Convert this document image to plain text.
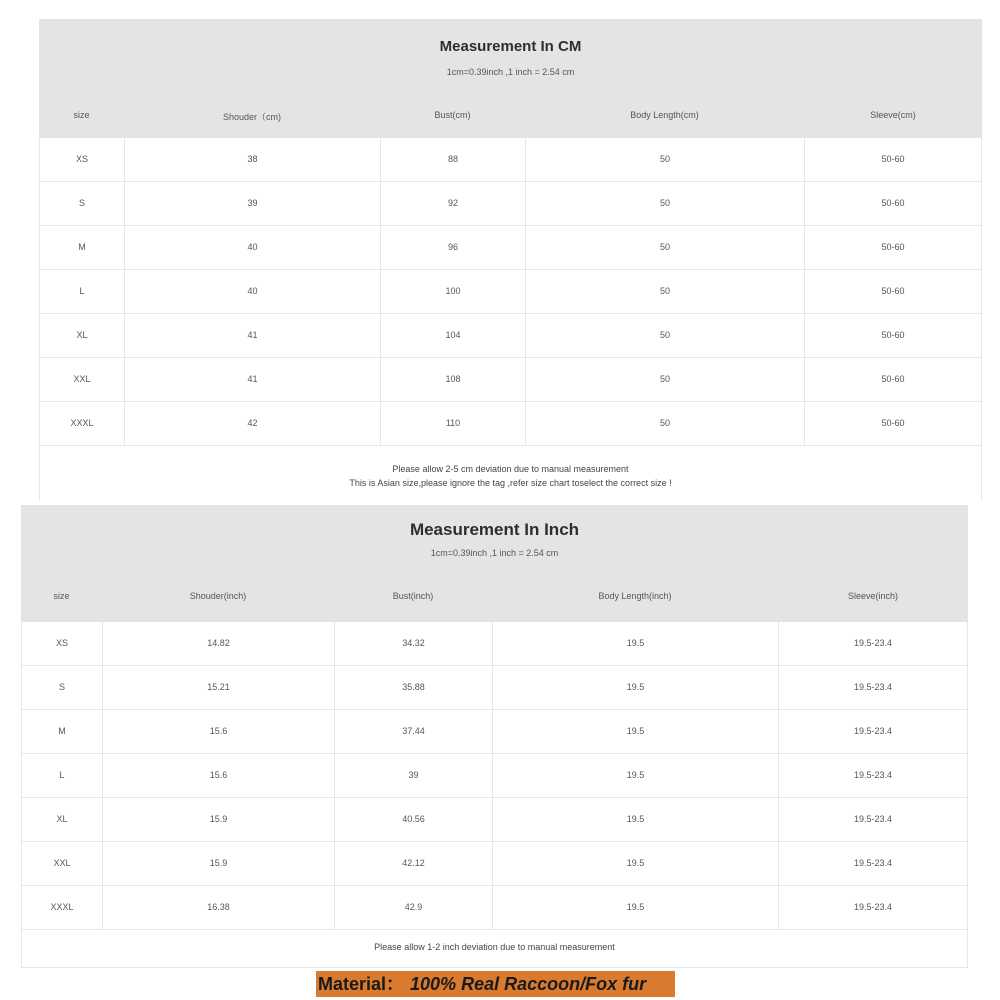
Measurement In CM
1cm=0.39inch ,1 inch = 2.54 cm
size	Shouder（cm)	Bust(cm)	Body Length(cm)	Sleeve(cm)
XS	38	88	50	50-60
S	39	92	50	50-60
M	40	96	50	50-60
L	40	100	50	50-60
XL	41	104	50	50-60
XXL	41	108	50	50-60
XXXL	42	110	50	50-60
Please allow 2-5 cm deviation due to manual measurement
This is Asian size,please ignore the tag ,refer size chart toselect the correct size !
Measurement In Inch
1cm=0.39inch ,1 inch = 2.54 cm
size	Shouder(inch)	Bust(inch)	Body Length(inch)	Sleeve(inch)
XS	14.82	34.32	19.5	19.5-23.4
S	15.21	35.88	19.5	19.5-23.4
M	15.6	37.44	19.5	19.5-23.4
L	15.6	39	19.5	19.5-23.4
XL	15.9	40.56	19.5	19.5-23.4
XXL	15.9	42.12	19.5	19.5-23.4
XXXL	16.38	42.9	19.5	19.5-23.4
Please allow 1-2 inch deviation due to manual measurement
Material： 100% Real Raccoon/Fox fur
